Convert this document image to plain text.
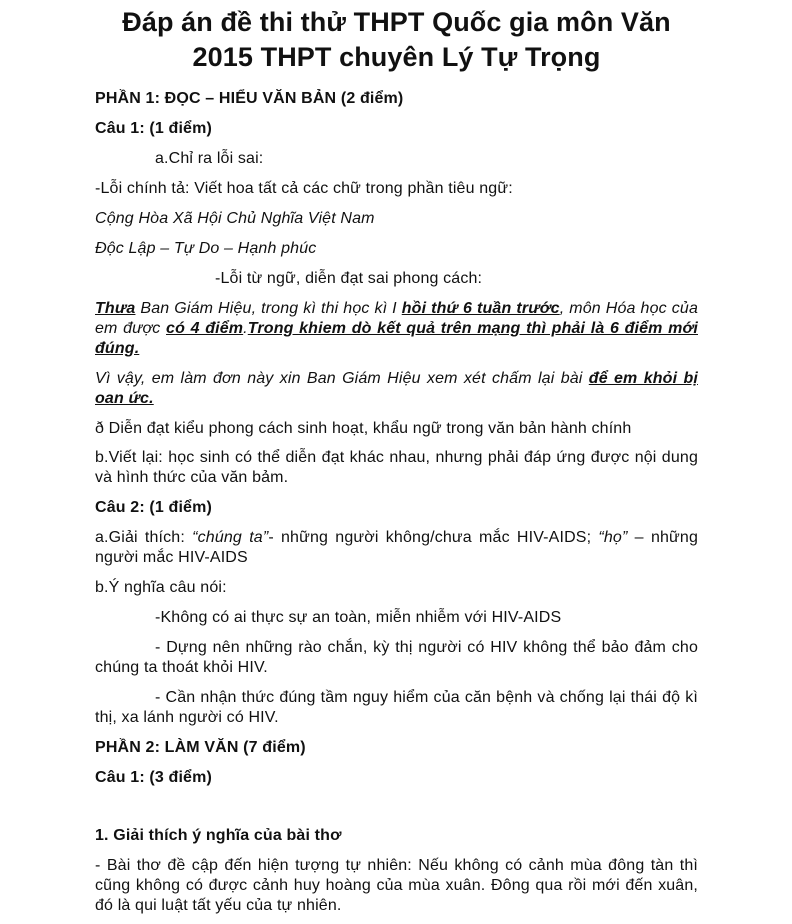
Đáp án đề thi thử THPT Quốc gia môn Văn
2015 THPT chuyên Lý Tự Trọng

PHẦN 1: ĐỌC – HIỂU VĂN BẢN (2 điểm)

Câu 1: (1 điểm)

a.Chỉ ra lỗi sai:

-Lỗi chính tả: Viết hoa tất cả các chữ trong phần tiêu ngữ:

Cộng Hòa Xã Hội Chủ Nghĩa Việt Nam

Độc Lập – Tự Do – Hạnh phúc

-Lỗi từ ngữ, diễn đạt sai phong cách:

Thưa Ban Giám Hiệu, trong kì thi học kì I hồi thứ 6 tuần trước, môn Hóa học của em được có 4 điểm.Trong khiem dò kết quả trên mạng thì phải là 6 điểm mới đúng.

Vì vậy, em làm đơn này xin Ban Giám Hiệu xem xét chấm lại bài để em khỏi bị oan ức.

ð Diễn đạt kiểu phong cách sinh hoạt, khẩu ngữ trong văn bản hành chính

b.Viết lại: học sinh có thể diễn đạt khác nhau, nhưng phải đáp ứng được nội dung và hình thức của văn bảm.

Câu 2: (1 điểm)

a.Giải thích: “chúng ta”- những người không/chưa mắc HIV-AIDS; “họ” – những người mắc HIV-AIDS

b.Ý nghĩa câu nói:

-Không có ai thực sự an toàn, miễn nhiễm với HIV-AIDS

- Dựng nên những rào chắn, kỳ thị người có HIV không thể bảo đảm cho chúng ta thoát khỏi HIV.

- Cần nhận thức đúng tầm nguy hiểm của căn bệnh và chống lại thái độ kì thị, xa lánh người có HIV.

PHẦN 2: LÀM VĂN (7 điểm)

Câu 1: (3 điểm)

1. Giải thích ý nghĩa của bài thơ

- Bài thơ đề cập đến hiện tượng tự nhiên: Nếu không có cảnh mùa đông tàn thì cũng không có được cảnh huy hoàng của mùa xuân. Đông qua rồi mới đến xuân, đó là qui luật tất yếu của tự nhiên.
